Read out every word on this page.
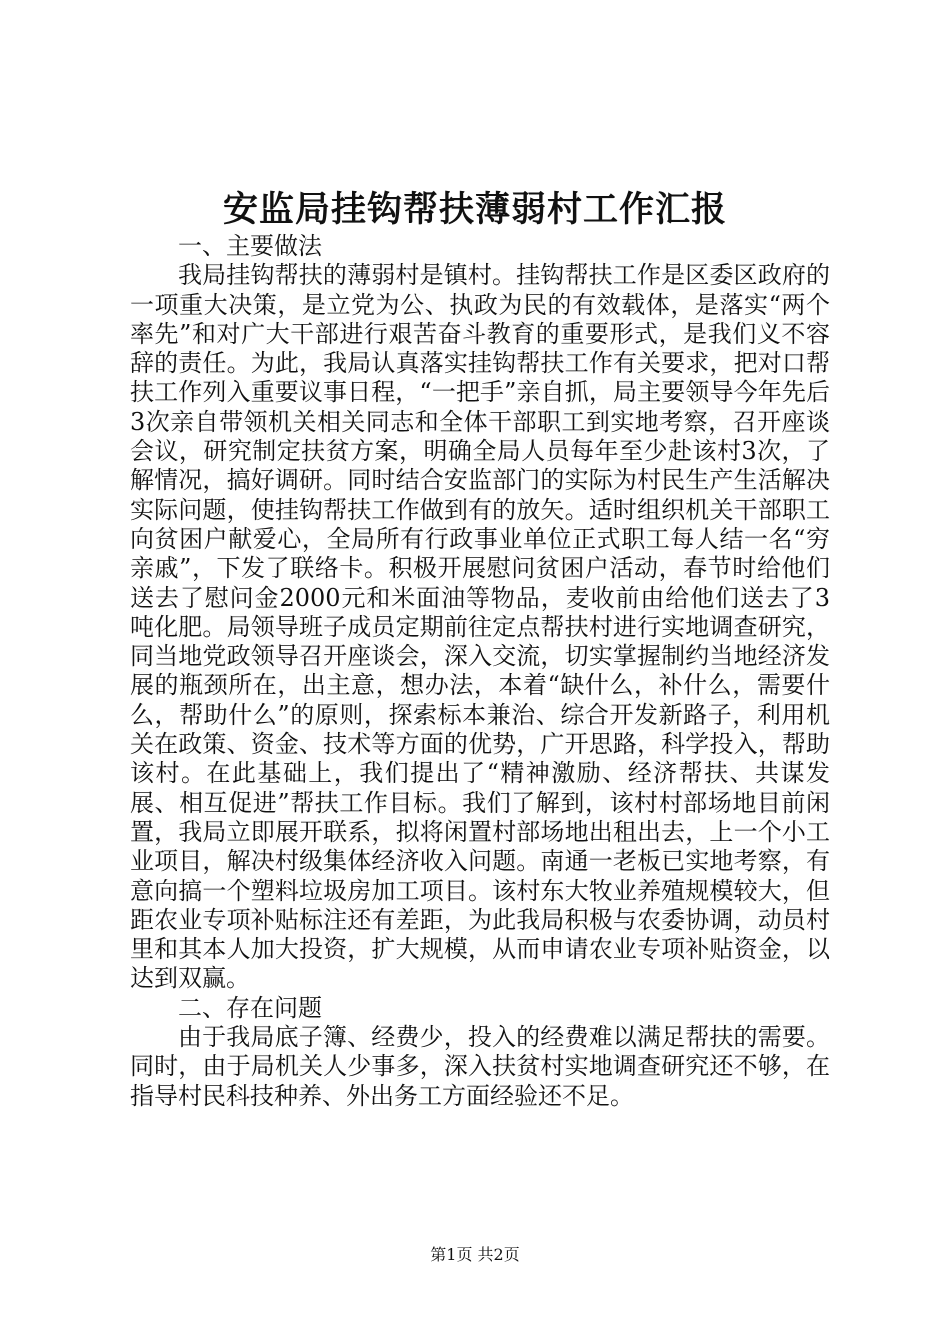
安监局挂钩帮扶薄弱村工作汇报
一、主要做法

我局挂钩帮扶的薄弱村是镇村。挂钩帮扶工作是区委区政府的一项重大决策，是立党为公、执政为民的有效载体，是落实“两个率先”和对广大干部进行艰苦奋斗教育的重要形式，是我们义不容辞的责任。为此，我局认真落实挂钩帮扶工作有关要求，把对口帮扶工作列入重要议事日程，“一把手”亲自抓，局主要领导今年先后3次亲自带领机关相关同志和全体干部职工到实地考察，召开座谈会议，研究制定扶贫方案，明确全局人员每年至少赴该村3次，了解情况，搞好调研。同时结合安监部门的实际为村民生产生活解决实际问题，使挂钩帮扶工作做到有的放矢。适时组织机关干部职工向贫困户献爱心，全局所有行政事业单位正式职工每人结一名“穷亲戚”，下发了联络卡。积极开展慰问贫困户活动，春节时给他们送去了慰问金2000元和米面油等物品，麦收前由给他们送去了3吨化肥。局领导班子成员定期前往定点帮扶村进行实地调查研究，同当地党政领导召开座谈会，深入交流，切实掌握制约当地经济发展的瓶颈所在，出主意，想办法，本着“缺什么，补什么，需要什么，帮助什么”的原则，探索标本兼治、综合开发新路子，利用机关在政策、资金、技术等方面的优势，广开思路，科学投入，帮助该村。在此基础上，我们提出了“精神激励、经济帮扶、共谋发展、相互促进”帮扶工作目标。我们了解到，该村村部场地目前闲置，我局立即展开联系，拟将闲置村部场地出租出去，上一个小工业项目，解决村级集体经济收入问题。南通一老板已实地考察，有意向搞一个塑料垃圾房加工项目。该村东大牧业养殖规模较大，但距农业专项补贴标注还有差距，为此我局积极与农委协调，动员村里和其本人加大投资，扩大规模，从而申请农业专项补贴资金，以达到双赢。

二、存在问题

由于我局底子簿、经费少，投入的经费难以满足帮扶的需要。同时，由于局机关人少事多，深入扶贫村实地调查研究还不够，在指导村民科技种养、外出务工方面经验还不足。

第1页 共2页
